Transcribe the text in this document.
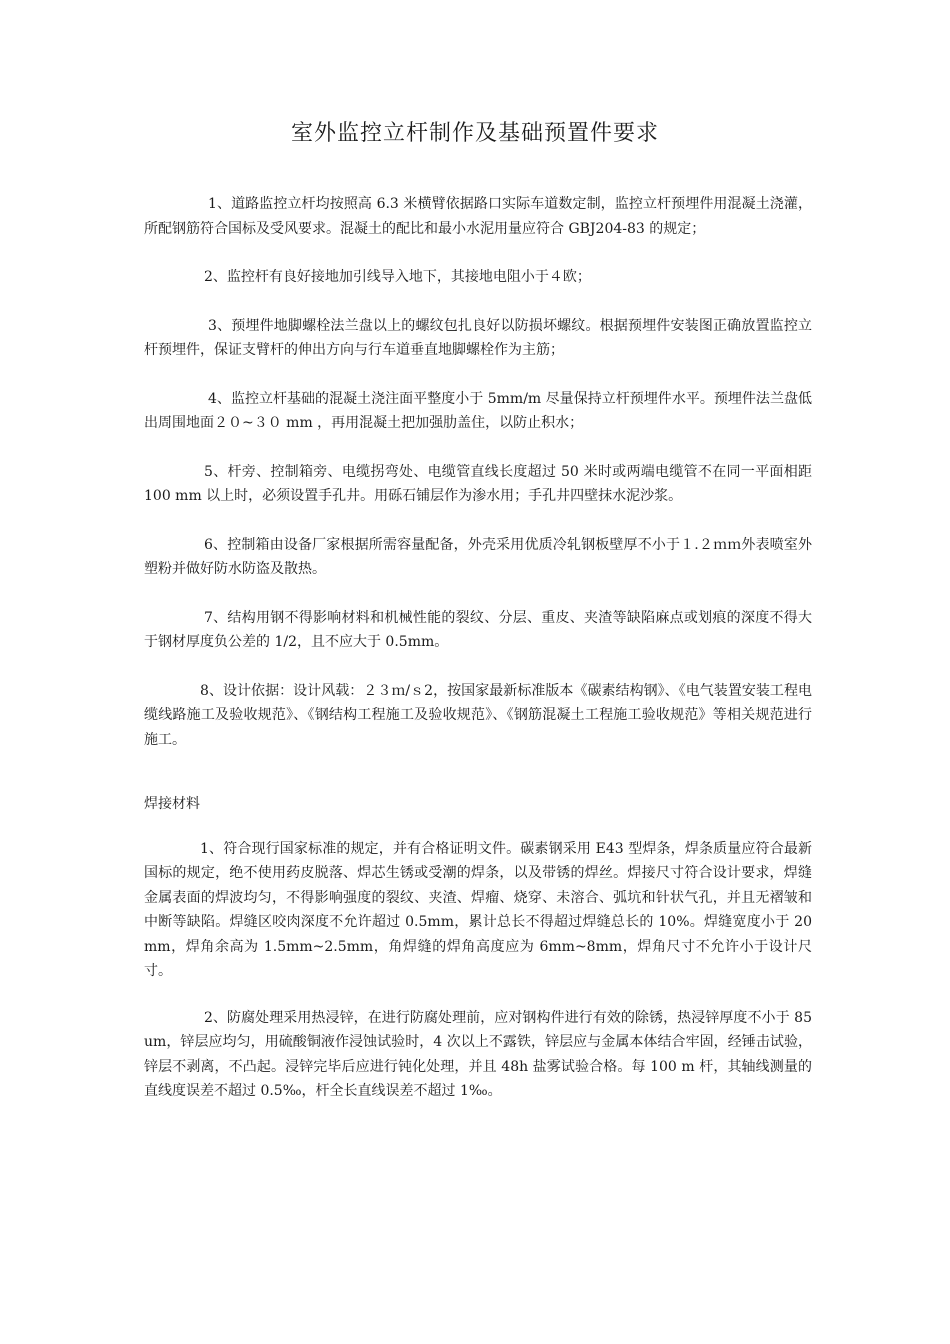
室外监控立杆制作及基础预置件要求

1、道路监控立杆均按照高 6.3 米横臂依据路口实际车道数定制，监控立杆预埋件用混凝土浇灌，所配钢筋符合国标及受风要求。混凝土的配比和最小水泥用量应符合 GBJ204-83 的规定；

2、监控杆有良好接地加引线导入地下，其接地电阻小于４欧；

3、预埋件地脚螺栓法兰盘以上的螺纹包扎良好以防损坏螺纹。根据预埋件安装图正确放置监控立杆预埋件，保证支臂杆的伸出方向与行车道垂直地脚螺栓作为主筋；

4、监控立杆基础的混凝土浇注面平整度小于 5mm/m 尽量保持立杆预埋件水平。预埋件法兰盘低出周围地面２０~３０ mm ，再用混凝土把加强肋盖住，以防止积水；

5、杆旁、控制箱旁、电缆拐弯处、电缆管直线长度超过 50 米时或两端电缆管不在同一平面相距 100 mm 以上时，必须设置手孔井。用砾石铺层作为渗水用；手孔井四壁抹水泥沙浆。

6、控制箱由设备厂家根据所需容量配备，外壳采用优质冷轧钢板壁厚不小于１.２ｍｍ外表喷室外塑粉并做好防水防盗及散热。

7、结构用钢不得影响材料和机械性能的裂纹、分层、重皮、夹渣等缺陷麻点或划痕的深度不得大于钢材厚度负公差的 1/2，且不应大于 0.5mm。

8、设计依据：设计风载：２３ｍ/ｓ2，按国家最新标准版本《碳素结构钢》、《电气装置安装工程电缆线路施工及验收规范》、《钢结构工程施工及验收规范》、《钢筋混凝土工程施工验收规范》等相关规范进行施工。

焊接材料

1、符合现行国家标准的规定，并有合格证明文件。碳素钢采用 E43 型焊条，焊条质量应符合最新国标的规定，绝不使用药皮脱落、焊芯生锈或受潮的焊条，以及带锈的焊丝。焊接尺寸符合设计要求，焊缝金属表面的焊波均匀，不得影响强度的裂纹、夹渣、焊瘤、烧穿、未溶合、弧坑和针状气孔，并且无褶皱和中断等缺陷。焊缝区咬肉深度不允许超过 0.5mm，累计总长不得超过焊缝总长的 10%。焊缝宽度小于 20mm，焊角余高为 1.5mm~2.5mm，角焊缝的焊角高度应为 6mm~8mm，焊角尺寸不允许小于设计尺寸。

2、防腐处理采用热浸锌，在进行防腐处理前，应对钢构件进行有效的除锈，热浸锌厚度不小于 85um，锌层应均匀，用硫酸铜液作浸蚀试验时，4 次以上不露铁，锌层应与金属本体结合牢固，经锤击试验，锌层不剥离，不凸起。浸锌完毕后应进行钝化处理，并且 48h 盐雾试验合格。每 100 m 杆，其轴线测量的直线度误差不超过 0.5‰，杆全长直线误差不超过 1‰。
